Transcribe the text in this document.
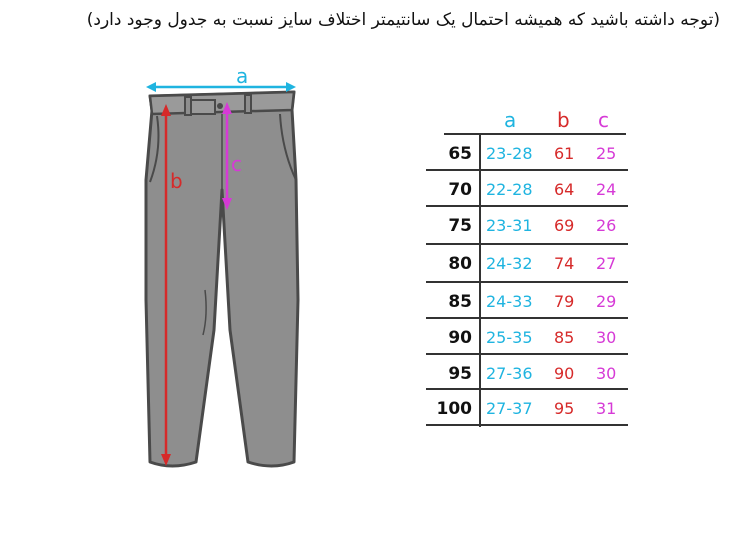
(توجه داشته باشید که همیشه احتمال یک سانتیمتر اختلاف سایز نسبت به جدول وجود دارد)
a
b
c
a b c
65 23-28 61 25
70 22-28 64 24
75 23-31 69 26
80 24-32 74 27
85 24-33 79 29
90 25-35 85 30
95 27-36 90 30
100 27-37 95 31
